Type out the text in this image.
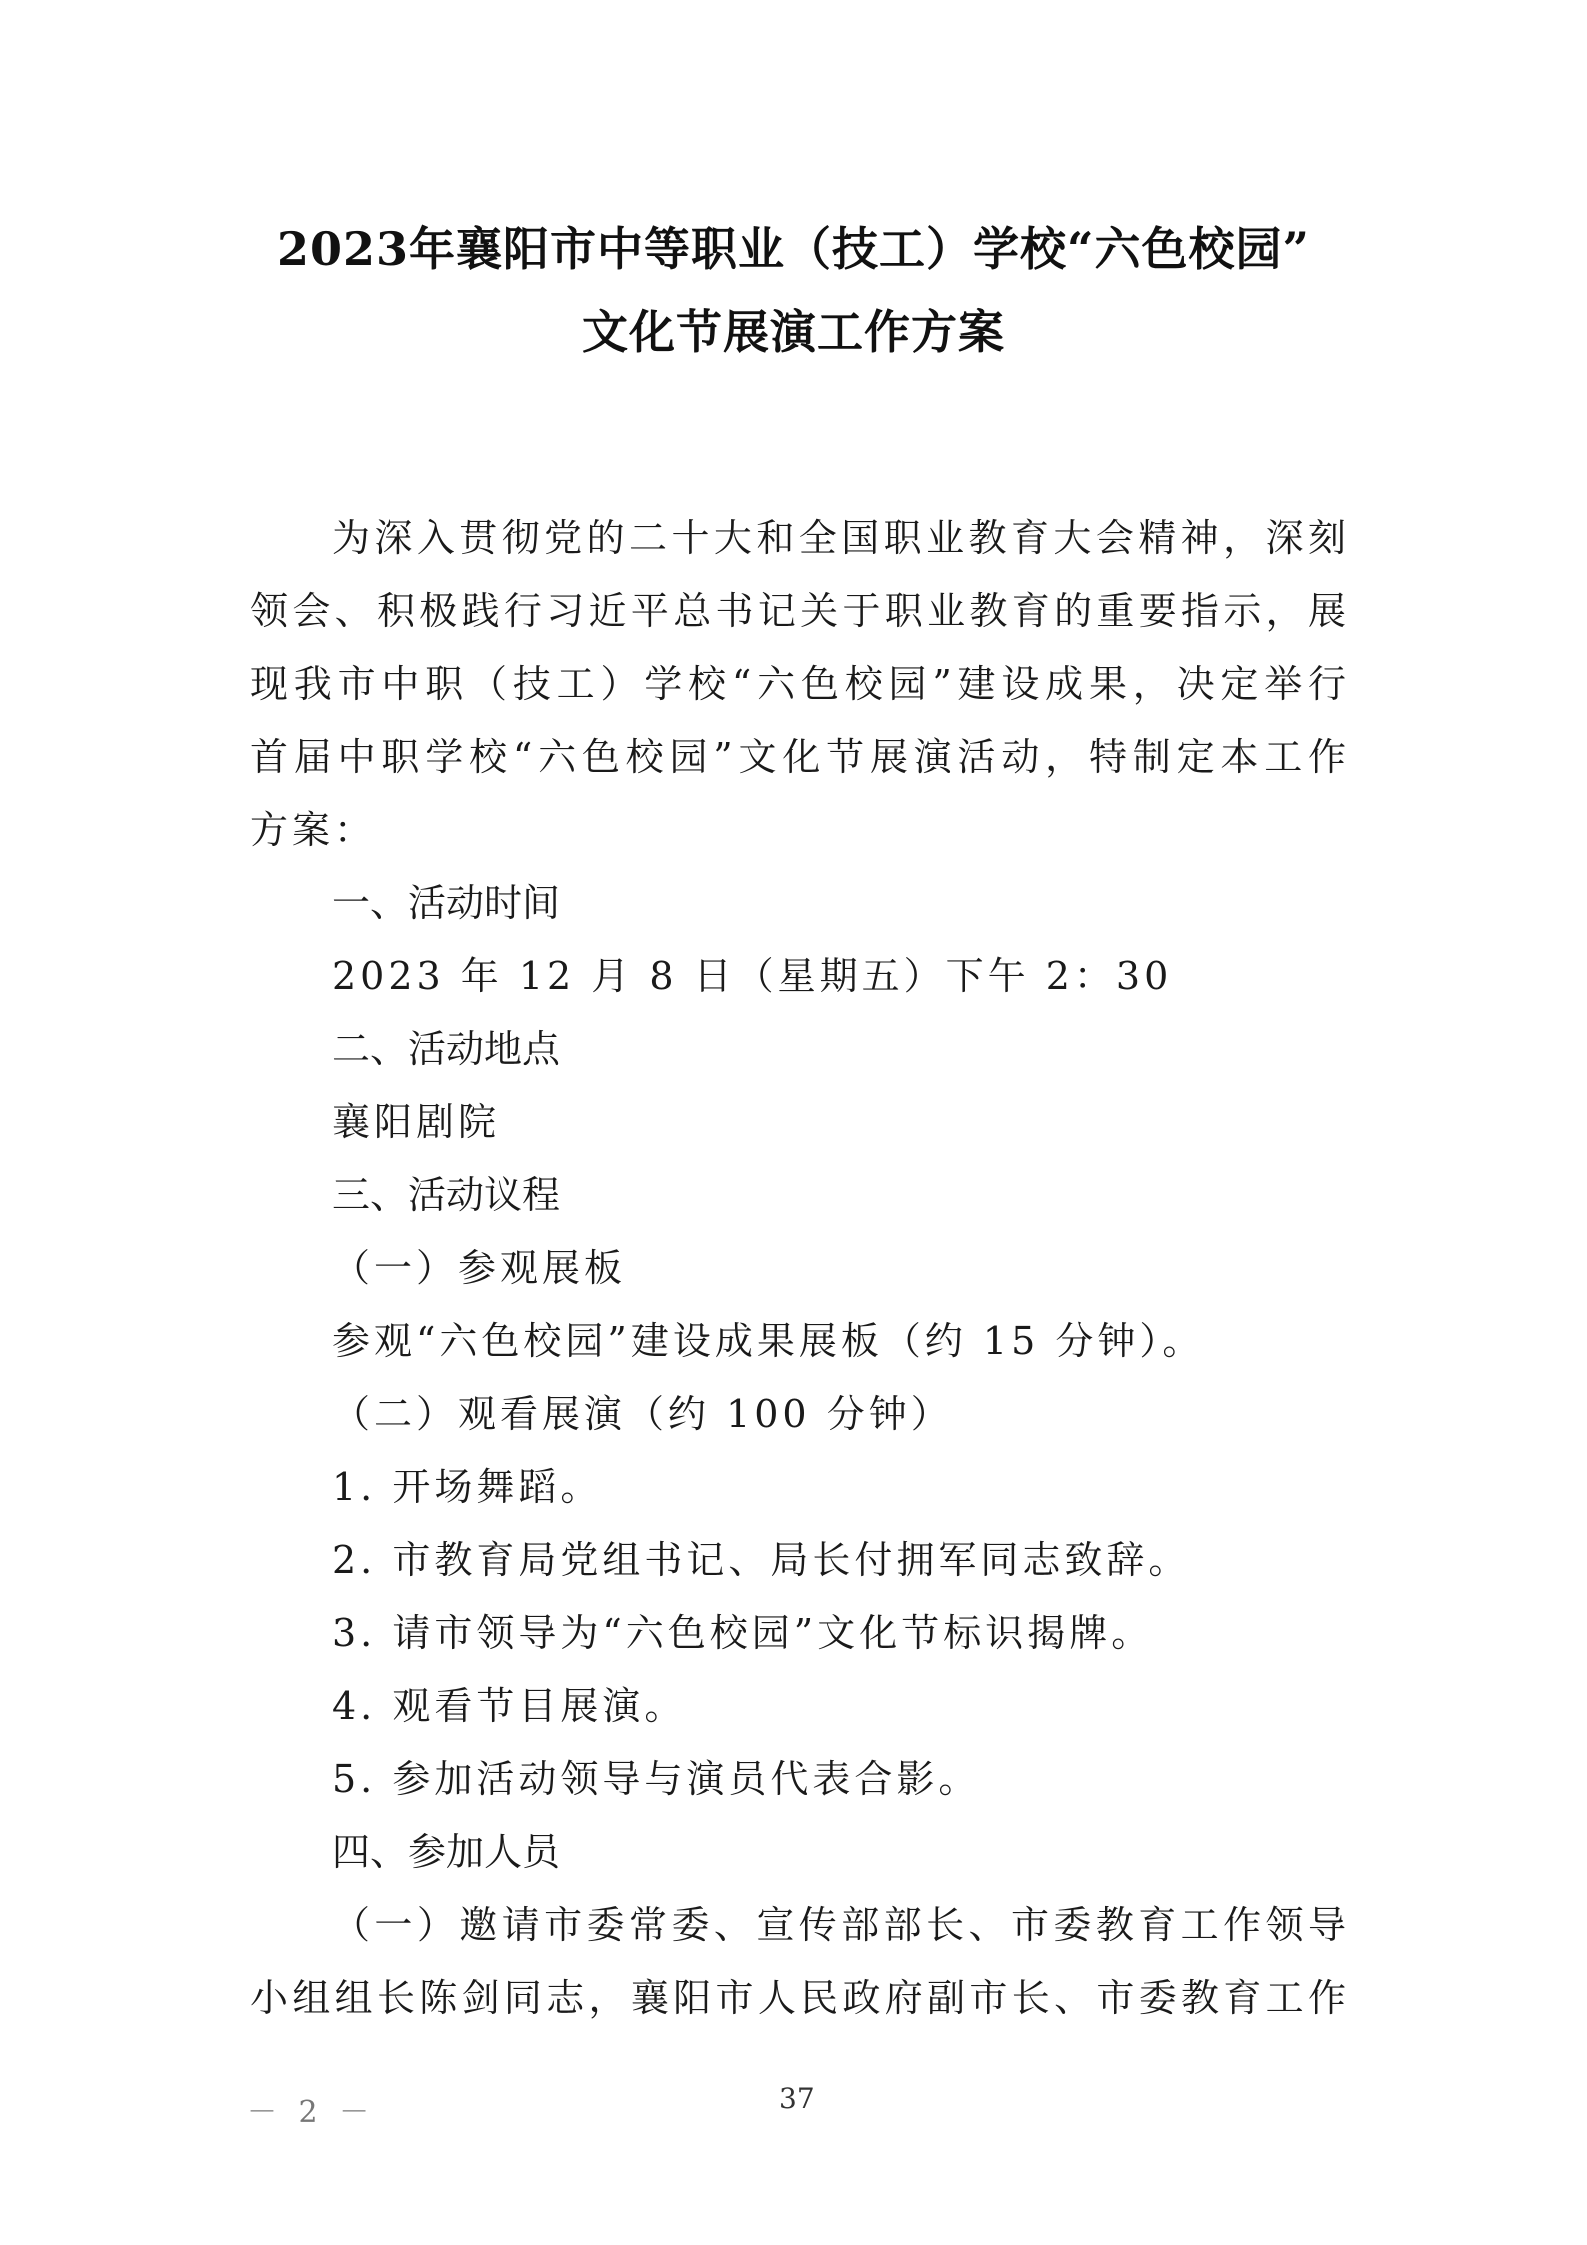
2023年襄阳市中等职业（技工）学校“六色校园”
文化节展演工作方案
为深入贯彻党的二十大和全国职业教育大会精神，深刻
领会、积极践行习近平总书记关于职业教育的重要指示，展
现我市中职（技工）学校“六色校园”建设成果，决定举行
首届中职学校“六色校园”文化节展演活动，特制定本工作
方案：
一、活动时间
2023 年 12 月 8 日（星期五）下午 2：30
二、活动地点
襄阳剧院
三、活动议程
（一）参观展板
参观“六色校园”建设成果展板（约 15 分钟）。
（二）观看展演（约 100 分钟）
1. 开场舞蹈。
2. 市教育局党组书记、局长付拥军同志致辞。
3. 请市领导为“六色校园”文化节标识揭牌。
4. 观看节目展演。
5. 参加活动领导与演员代表合影。
四、参加人员
（一）邀请市委常委、宣传部部长、市委教育工作领导
小组组长陈剑同志，襄阳市人民政府副市长、市委教育工作
－ 2 －	37
